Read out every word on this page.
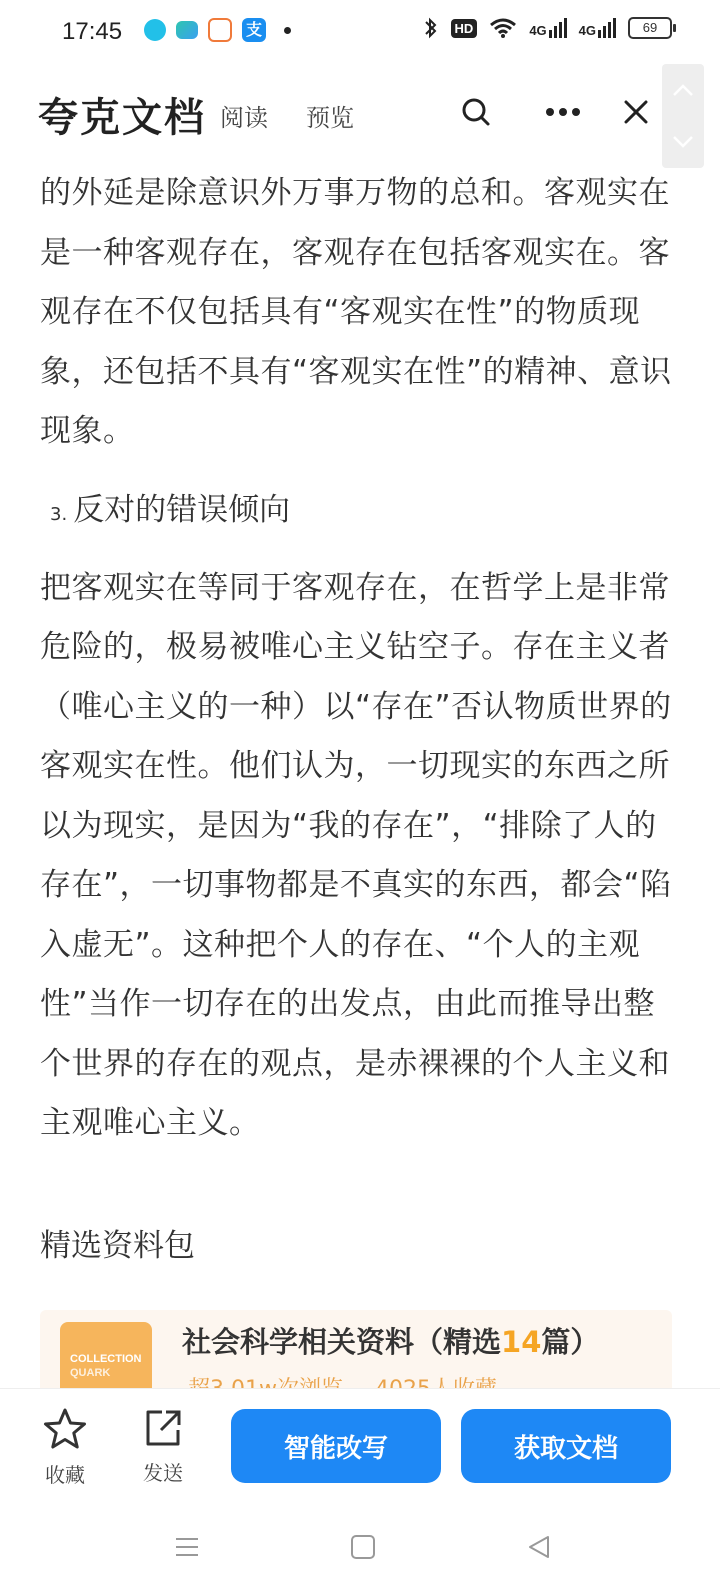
17:45	支	HD	4G 4G	69
夸克文档 阅读 预览

的外延是除意识外万事万物的总和。客观实在是一种客观存在，客观存在包括客观实在。客观存在不仅包括具有“客观实在性”的物质现象，还包括不具有“客观实在性”的精神、意识现象。

3. 反对的错误倾向

把客观实在等同于客观存在，在哲学上是非常危险的，极易被唯心主义钻空子。存在主义者（唯心主义的一种）以“存在”否认物质世界的客观实在性。他们认为，一切现实的东西之所以为现实，是因为“我的存在”，“排除了人的存在”，一切事物都是不真实的东西，都会“陷入虚无”。这种把个人的存在、“个人的主观性”当作一切存在的出发点，由此而推导出整个世界的存在的观点，是赤裸裸的个人主义和主观唯心主义。

精选资料包
COLLECTION
QUARK
社会科学相关资料（精选14篇）
收藏	发送
智能改写	获取文档
